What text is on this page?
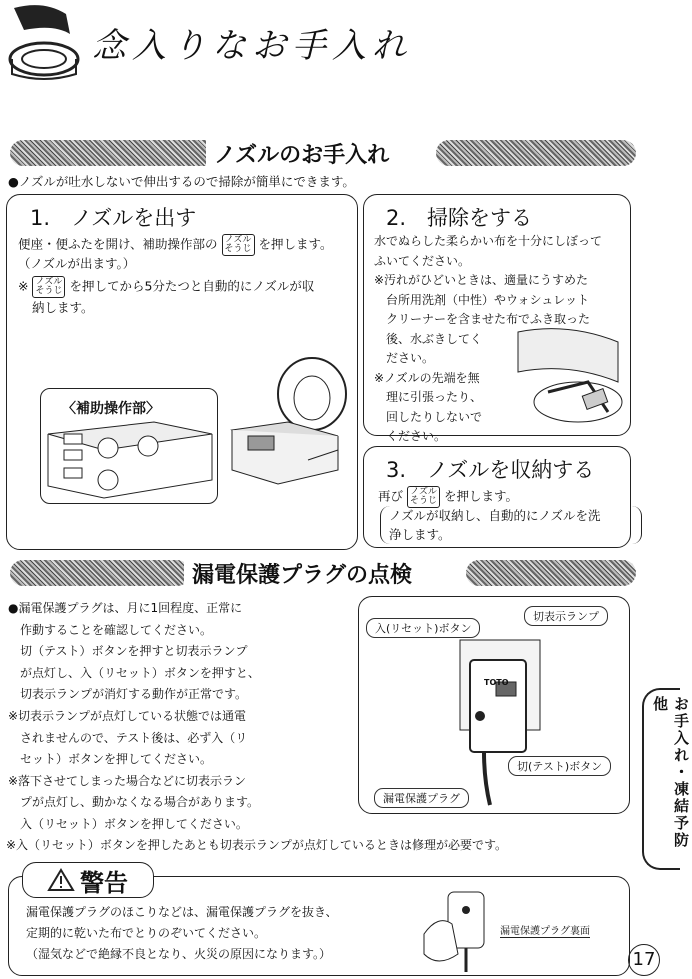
念入りなお手入れ
ノズルのお手入れ
●ノズルが吐水しないで伸出するので掃除が簡単にできます。
1.　ノズルを出す
便座・便ふたを開け、補助操作部の ノズル
そうじ を押します。
（ノズルが出ます。）
※ ノズル
そうじ を押してから5分たつと自動的にノズルが収
納します。
〈補助操作部〉
2.　掃除をする
水でぬらした柔らかい布を十分にしぼって
ふいてください。
※汚れがひどいときは、適量にうすめた
　台所用洗剤（中性）やウォシュレット
　クリーナーを含ませた布でふき取った
　後、水ぶきしてく
　ださい。
※ノズルの先端を無
　理に引張ったり、
　回したりしないで
　ください。
3.　ノズルを収納する
再び ノズル
そうじ を押します。
ノズルが収納し、自動的にノズルを洗
浄します。
漏電保護プラグの点検
●漏電保護プラグは、月に1回程度、正常に
　作動することを確認してください。
　切（テスト）ボタンを押すと切表示ランプ
　が点灯し、入（リセット）ボタンを押すと、
　切表示ランプが消灯する動作が正常です。
※切表示ランプが点灯している状態では通電
　されませんので、テスト後は、必ず入（リ
　セット）ボタンを押してください。
※落下させてしまった場合などに切表示ラン
　プが点灯し、動かなくなる場合があります。
　入（リセット）ボタンを押してください。
入(リセット)ボタン
切表示ランプ
TOTO
切(テスト)ボタン
漏電保護プラグ
※入（リセット）ボタンを押したあとも切表示ランプが点灯しているときは修理が必要です。
警告
漏電保護プラグのほこりなどは、漏電保護プラグを抜き、
定期的に乾いた布でとりのぞいてください。
（湿気などで絶縁不良となり、火災の原因になります。）
漏電保護プラグ裏面
お手入れ・凍結予防　他
17
